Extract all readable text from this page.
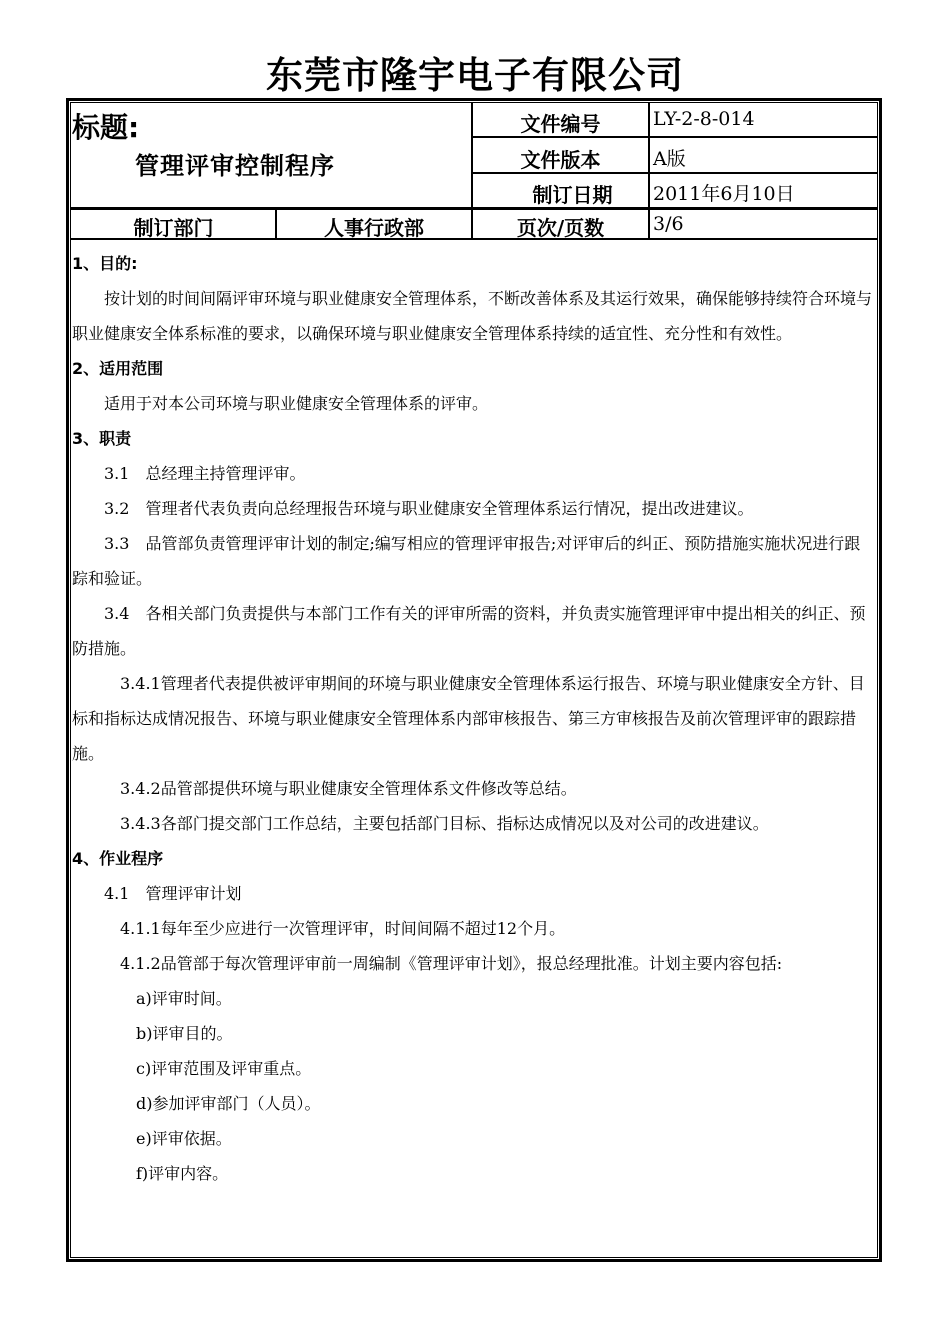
东莞市隆宇电子有限公司
标题:
管理评审控制程序
文件编号	LY-2-8-014
文件版本	A版
制订日期	2011年6月10日
制订部门	人事行政部	页次/页数	3/6

1、目的:

　　按计划的时间间隔评审环境与职业健康安全管理体系，不断改善体系及其运行效果，确保能够持续符合环境与职业健康安全体系标准的要求，以确保环境与职业健康安全管理体系持续的适宜性、充分性和有效性。

2、适用范围

　　适用于对本公司环境与职业健康安全管理体系的评审。

3、职责

　　3.1　总经理主持管理评审。

　　3.2　管理者代表负责向总经理报告环境与职业健康安全管理体系运行情况，提出改进建议。

　　3.3　品管部负责管理评审计划的制定;编写相应的管理评审报告;对评审后的纠正、预防措施实施状况进行跟踪和验证。

　　3.4　各相关部门负责提供与本部门工作有关的评审所需的资料，并负责实施管理评审中提出相关的纠正、预防措施。

　　　3.4.1管理者代表提供被评审期间的环境与职业健康安全管理体系运行报告、环境与职业健康安全方针、目标和指标达成情况报告、环境与职业健康安全管理体系内部审核报告、第三方审核报告及前次管理评审的跟踪措施。

　　　3.4.2品管部提供环境与职业健康安全管理体系文件修改等总结。

　　　3.4.3各部门提交部门工作总结，主要包括部门目标、指标达成情况以及对公司的改进建议。

4、作业程序

　　4.1　管理评审计划

　　　4.1.1每年至少应进行一次管理评审，时间间隔不超过12个月。

　　　4.1.2品管部于每次管理评审前一周编制《管理评审计划》，报总经理批准。计划主要内容包括:

　　　　a)评审时间。

　　　　b)评审目的。

　　　　c)评审范围及评审重点。

　　　　d)参加评审部门（人员）。

　　　　e)评审依据。

　　　　f)评审内容。
